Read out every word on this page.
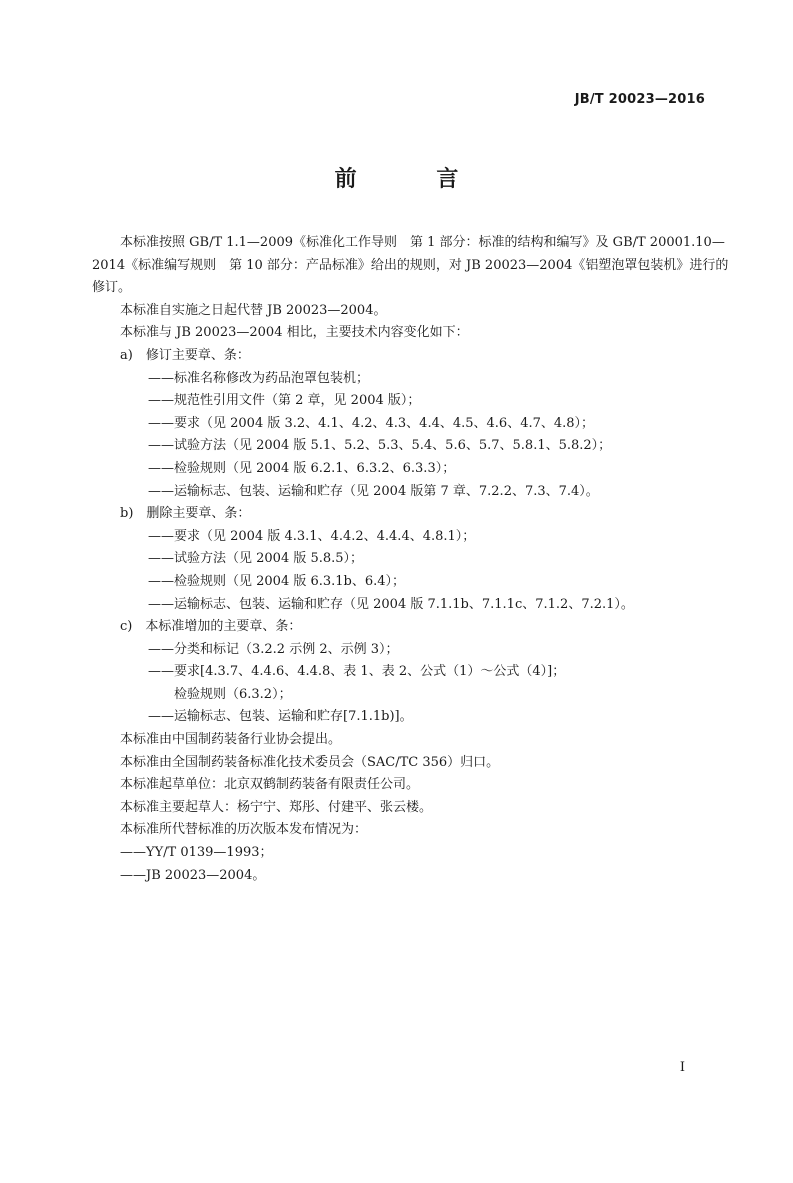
JB/T 20023—2016
前 言

本标准按照 GB/T 1.1—2009《标准化工作导则　第 1 部分：标准的结构和编写》及 GB/T 20001.10—

2014《标准编写规则　第 10 部分：产品标准》给出的规则，对 JB 20023—2004《铝塑泡罩包装机》进行的

修订。

本标准自实施之日起代替 JB 20023—2004。

本标准与 JB 20023—2004 相比，主要技术内容变化如下：

a)　修订主要章、条：

——标准名称修改为药品泡罩包装机；

——规范性引用文件（第 2 章，见 2004 版）；

——要求（见 2004 版 3.2、4.1、4.2、4.3、4.4、4.5、4.6、4.7、4.8）；

——试验方法（见 2004 版 5.1、5.2、5.3、5.4、5.6、5.7、5.8.1、5.8.2）；

——检验规则（见 2004 版 6.2.1、6.3.2、6.3.3）；

——运输标志、包装、运输和贮存（见 2004 版第 7 章、7.2.2、7.3、7.4）。

b)　删除主要章、条：

——要求（见 2004 版 4.3.1、4.4.2、4.4.4、4.8.1）；

——试验方法（见 2004 版 5.8.5）；

——检验规则（见 2004 版 6.3.1b、6.4）；

——运输标志、包装、运输和贮存（见 2004 版 7.1.1b、7.1.1c、7.1.2、7.2.1）。

c)　本标准增加的主要章、条：

——分类和标记（3.2.2 示例 2、示例 3）；

——要求[4.3.7、4.4.6、4.4.8、表 1、表 2、公式（1）～公式（4）]；

检验规则（6.3.2）；

——运输标志、包装、运输和贮存[7.1.1b)]。

本标准由中国制药装备行业协会提出。

本标准由全国制药装备标准化技术委员会（SAC/TC 356）归口。

本标准起草单位：北京双鹤制药装备有限责任公司。

本标准主要起草人：杨宁宁、郑彤、付建平、张云楼。

本标准所代替标准的历次版本发布情况为：

——YY/T 0139—1993；

——JB 20023—2004。

I
